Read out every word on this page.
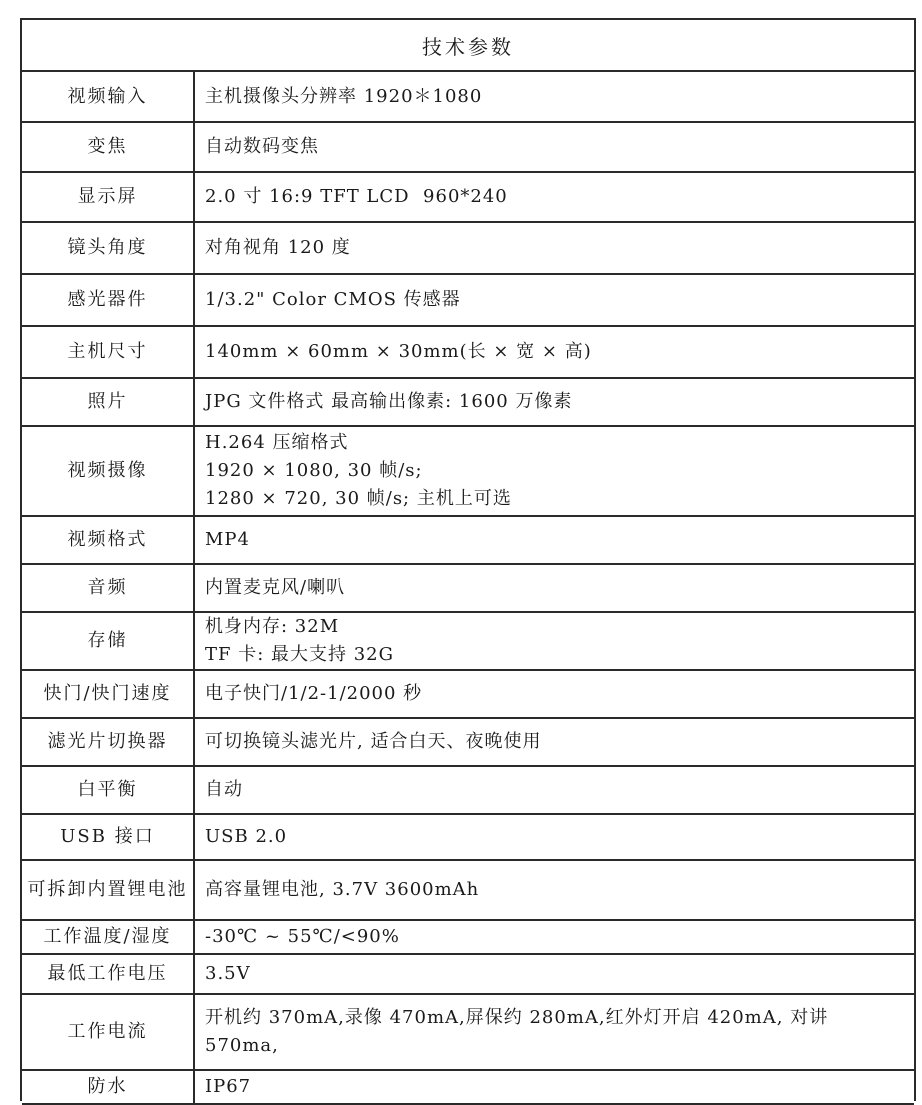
技术参数
视频输入	主机摄像头分辨率 1920＊1080

变焦	自动数码变焦

显示屏	2.0 寸 16:9 TFT LCD  960*240

镜头角度	对角视角 120 度

感光器件	1/3.2" Color CMOS 传感器

主机尺寸	140mm × 60mm × 30mm(长 × 宽 × 高)

照片	JPG 文件格式 最高输出像素: 1600 万像素

视频摄像	H.264 压缩格式
1920 × 1080, 30 帧/s;
1280 × 720, 30 帧/s; 主机上可选

视频格式	MP4

音频	内置麦克风/喇叭

存储	机身内存: 32M
TF 卡: 最大支持 32G

快门/快门速度	电子快门/1/2-1/2000 秒

滤光片切换器	可切换镜头滤光片, 适合白天、夜晚使用

白平衡	自动

USB 接口	USB 2.0

可拆卸内置锂电池	高容量锂电池, 3.7V 3600mAh

工作温度/湿度	-30℃ ~ 55℃/<90%

最低工作电压	3.5V

工作电流	开机约 370mA,录像 470mA,屏保约 280mA,红外灯开启 420mA, 对讲 570ma,

防水	IP67
